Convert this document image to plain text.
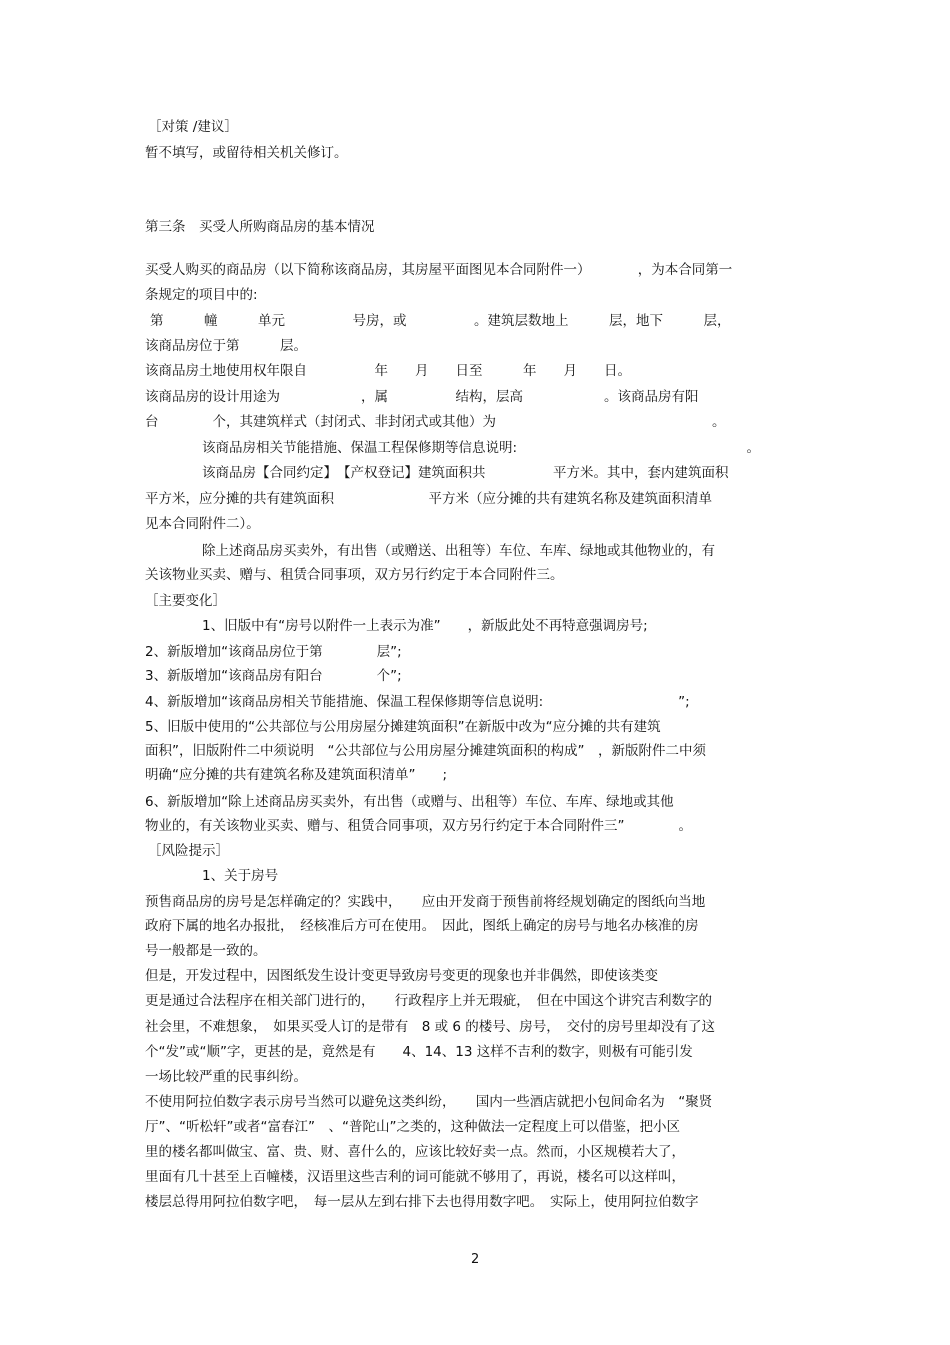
［对策 /建议］
暂不填写，或留待相关机关修订。
第三条　买受人所购商品房的基本情况
买受人购买的商品房（以下简称该商品房，其房屋平面图见本合同附件一）　　　　，为本合同第一
条规定的项目中的:
第　　　幢　　　单元　　　　　号房，或　　　　　。建筑层数地上　　　层，地下　　　层，
该商品房位于第　　　层。
该商品房土地使用权年限自　　　　　年　　月　　日至　　　年　　月　　日。
该商品房的设计用途为　　　　　　，属　　　　　结构，层高　　　　　　。该商品房有阳
台　　　　个，其建筑样式（封闭式、非封闭式或其他）为　　　　　　　　　　　　　　　　。
　　该商品房相关节能措施、保温工程保修期等信息说明:　　　　　　　　　　　　　　　　　。
　　该商品房【合同约定】　【产权登记】建筑面积共　　　　　平方米。其中，套内建筑面积
平方米，应分摊的共有建筑面积　　　　　　　平方米（应分摊的共有建筑名称及建筑面积清单
见本合同附件二）。
　　除上述商品房买卖外，有出售（或赠送、出租等）车位、车库、绿地或其他物业的，有
关该物业买卖、赠与、租赁合同事项，双方另行约定于本合同附件三。
［主要变化］
　　1、旧版中有“房号以附件一上表示为准”　　，新版此处不再特意强调房号;
2、新版增加“该商品房位于第　　　　层”;
3、新版增加“该商品房有阳台　　　　个”;
4、新版增加“该商品房相关节能措施、保温工程保修期等信息说明:　　　　　　　　　　”;
5、旧版中使用的“公共部位与公用房屋分摊建筑面积”在新版中改为“应分摊的共有建筑
面积”，旧版附件二中须说明　“公共部位与公用房屋分摊建筑面积的构成”　，新版附件二中须
明确“应分摊的共有建筑名称及建筑面积清单”　　;
6、新版增加“除上述商品房买卖外，有出售（或赠与、出租等）车位、车库、绿地或其他
物业的，有关该物业买卖、赠与、租赁合同事项，双方另行约定于本合同附件三”　　　　。
［风险提示］
　　1、关于房号
预售商品房的房号是怎样确定的？实践中，　　应由开发商于预售前将经规划确定的图纸向当地
政府下属的地名办报批，　经核准后方可在使用。　因此，图纸上确定的房号与地名办核准的房
号一般都是一致的。
但是，开发过程中，因图纸发生设计变更导致房号变更的现象也并非偶然，即使该类变
更是通过合法程序在相关部门进行的，　　行政程序上并无瑕疵，　但在中国这个讲究吉利数字的
社会里，不难想象，　如果买受人订的是带有　8 或 6 的楼号、房号，　交付的房号里却没有了这
个“发”或“顺”字，更甚的是，竟然是有　　4、14、13 这样不吉利的数字，则极有可能引发
一场比较严重的民事纠纷。
不使用阿拉伯数字表示房号当然可以避免这类纠纷，　　国内一些酒店就把小包间命名为　“聚贤
厅”、“听松轩”或者“富春江”　、“普陀山”之类的，这种做法一定程度上可以借鉴，把小区
里的楼名都叫做宝、富、贵、财、喜什么的，应该比较好卖一点。然而，小区规模若大了，
里面有几十甚至上百幢楼，汉语里这些吉利的词可能就不够用了，再说，楼名可以这样叫，
楼层总得用阿拉伯数字吧，　每一层从左到右排下去也得用数字吧。　实际上，使用阿拉伯数字
2
